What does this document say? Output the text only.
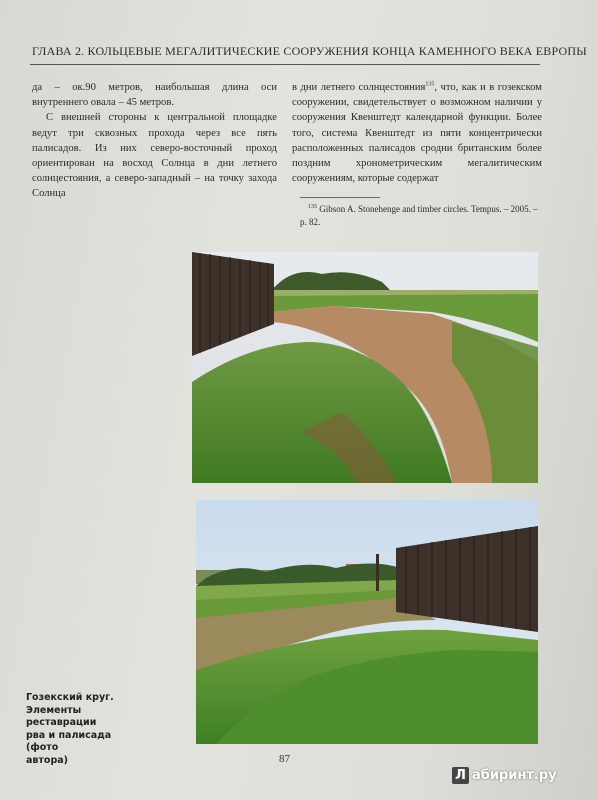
ГЛАВА 2. КОЛЬЦЕВЫЕ МЕГАЛИТИЧЕСКИЕ СООРУЖЕНИЯ КОНЦА КАМЕННОГО ВЕКА ЕВРОПЫ

да – ок.90 метров, наибольшая длина оси внутреннего овала – 45 метров.

С внешней стороны к центральной площадке ведут три сквозных прохода через все пять палисадов. Из них северо-восточный проход ориентирован на восход Солнца в дни летнего солнцестояния, а северо-западный – на точку захода Солнца

в дни летнего солнцестояния$^{135}$, что, как и в гозекском сооружении, свидетельствует о возможном наличии у сооружения Квенштедт календарной функции. Более того, система Квенштедт из пяти концентрически расположенных палисадов сродни британским более поздним хронометрическим мегалитическим сооружениям, которые содержат

$^{135}$ Gibson A. Stonehenge and timber circles. Tempus. – 2005. – p. 82.
Гозекский круг.
Элементы реставрации
рва и палисада (фото
автора)	87
Л абиринт.ру
